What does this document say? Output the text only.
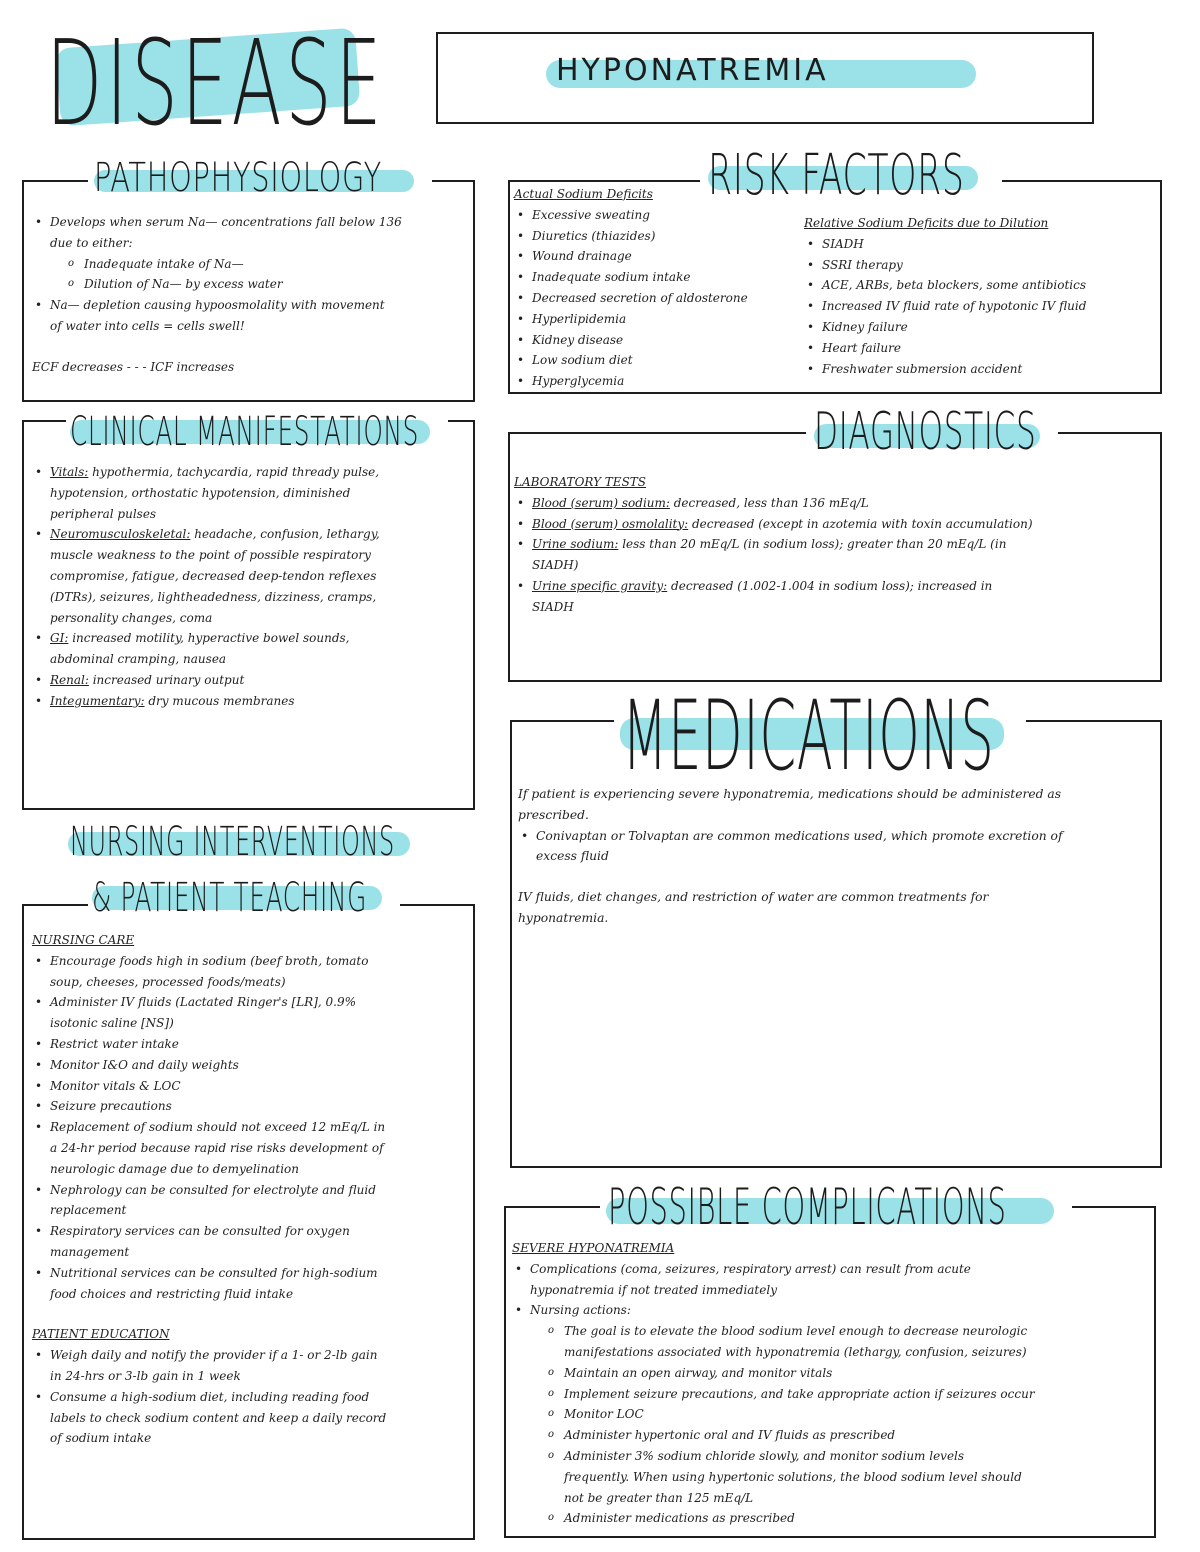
DISEASE	HYPONATREMIA
PATHOPHYSIOLOGY
• Develops when serum Na— concentrations fall below 136
due to either:
o Inadequate intake of Na—
o Dilution of Na— by excess water
• Na— depletion causing hypoosmolality with movement
of water into cells = cells swell!
ECF decreases - - - ICF increases
RISK FACTORS
Actual Sodium Deficits
• Excessive sweating
• Diuretics (thiazides)
• Wound drainage
• Inadequate sodium intake
• Decreased secretion of aldosterone
• Hyperlipidemia
• Kidney disease
• Low sodium diet
• Hyperglycemia
Relative Sodium Deficits due to Dilution
• SIADH
• SSRI therapy
• ACE, ARBs, beta blockers, some antibiotics
• Increased IV fluid rate of hypotonic IV fluid
• Kidney failure
• Heart failure
• Freshwater submersion accident
CLINICAL MANIFESTATIONS
• Vitals: hypothermia, tachycardia, rapid thready pulse,
hypotension, orthostatic hypotension, diminished
peripheral pulses
• Neuromusculoskeletal: headache, confusion, lethargy,
muscle weakness to the point of possible respiratory
compromise, fatigue, decreased deep-tendon reflexes
(DTRs), seizures, lightheadedness, dizziness, cramps,
personality changes, coma
• GI: increased motility, hyperactive bowel sounds,
abdominal cramping, nausea
• Renal: increased urinary output
• Integumentary: dry mucous membranes
DIAGNOSTICS
LABORATORY TESTS
• Blood (serum) sodium: decreased, less than 136 mEq/L
• Blood (serum) osmolality: decreased (except in azotemia with toxin accumulation)
• Urine sodium: less than 20 mEq/L (in sodium loss); greater than 20 mEq/L (in
SIADH)
• Urine specific gravity: decreased (1.002-1.004 in sodium loss); increased in
SIADH
MEDICATIONS
If patient is experiencing severe hyponatremia, medications should be administered as
prescribed.
• Conivaptan or Tolvaptan are common medications used, which promote excretion of
excess fluid
IV fluids, diet changes, and restriction of water are common treatments for
hyponatremia.
NURSING INTERVENTIONS
& PATIENT TEACHING
NURSING CARE
• Encourage foods high in sodium (beef broth, tomato
soup, cheeses, processed foods/meats)
• Administer IV fluids (Lactated Ringer's [LR], 0.9%
isotonic saline [NS])
• Restrict water intake
• Monitor I&O and daily weights
• Monitor vitals & LOC
• Seizure precautions
• Replacement of sodium should not exceed 12 mEq/L in
a 24-hr period because rapid rise risks development of
neurologic damage due to demyelination
• Nephrology can be consulted for electrolyte and fluid
replacement
• Respiratory services can be consulted for oxygen
management
• Nutritional services can be consulted for high-sodium
food choices and restricting fluid intake
PATIENT EDUCATION
• Weigh daily and notify the provider if a 1- or 2-lb gain
in 24-hrs or 3-lb gain in 1 week
• Consume a high-sodium diet, including reading food
labels to check sodium content and keep a daily record
of sodium intake
POSSIBLE COMPLICATIONS
SEVERE HYPONATREMIA
• Complications (coma, seizures, respiratory arrest) can result from acute
hyponatremia if not treated immediately
• Nursing actions:
o The goal is to elevate the blood sodium level enough to decrease neurologic
manifestations associated with hyponatremia (lethargy, confusion, seizures)
o Maintain an open airway, and monitor vitals
o Implement seizure precautions, and take appropriate action if seizures occur
o Monitor LOC
o Administer hypertonic oral and IV fluids as prescribed
o Administer 3% sodium chloride slowly, and monitor sodium levels
frequently. When using hypertonic solutions, the blood sodium level should
not be greater than 125 mEq/L
o Administer medications as prescribed
